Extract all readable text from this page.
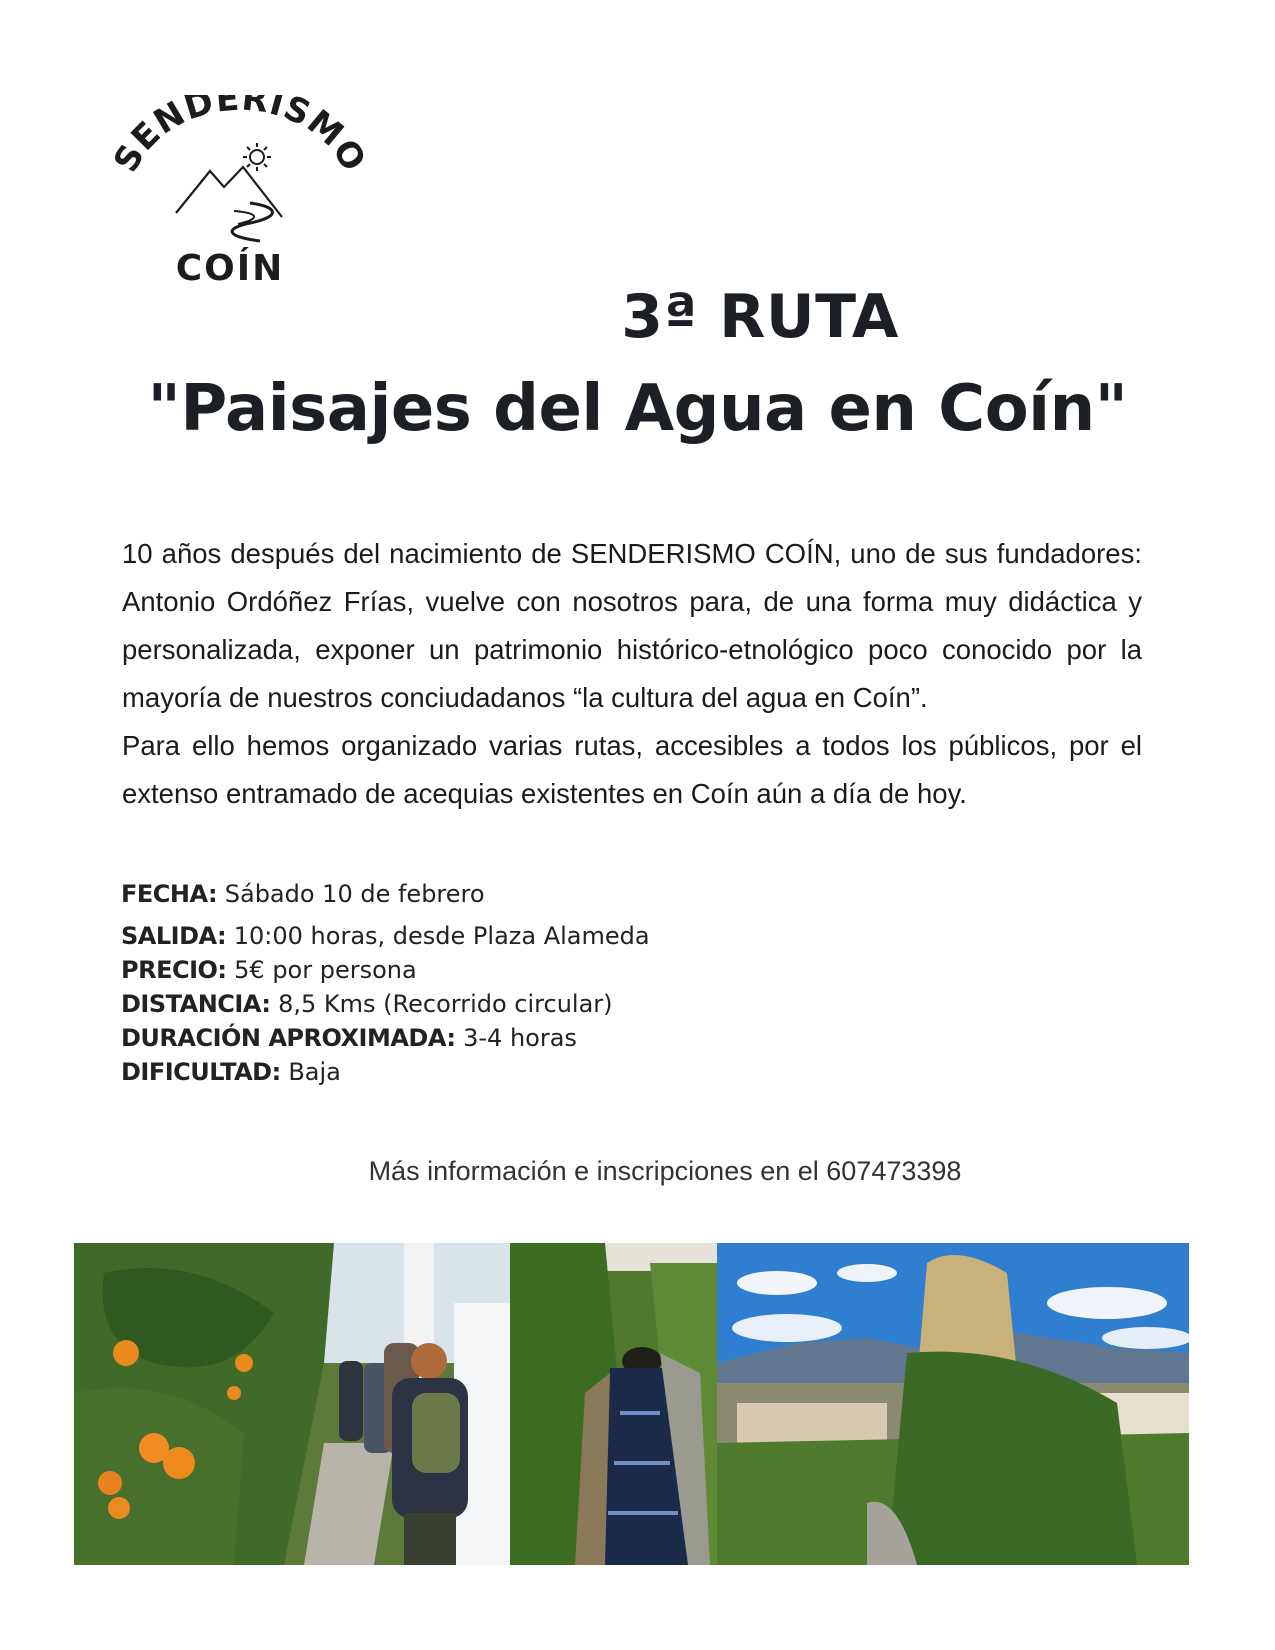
SENDERISMO
COÍN
3ª RUTA
"Paisajes del Agua en Coín"

10 años después del nacimiento de SENDERISMO COÍN, uno de sus fundadores: Antonio Ordóñez Frías, vuelve con nosotros para, de una forma muy didáctica y personalizada, exponer un patrimonio histórico-etnológico poco conocido por la mayoría de nuestros conciudadanos “la cultura del agua en Coín”.

Para ello hemos organizado varias rutas, accesibles a todos los públicos, por el extenso entramado de acequias existentes en Coín aún a día de hoy.

FECHA: Sábado 10 de febrero
SALIDA: 10:00 horas, desde Plaza Alameda
PRECIO: 5€ por persona
DISTANCIA: 8,5 Kms (Recorrido circular)
DURACIÓN APROXIMADA: 3-4 horas
DIFICULTAD: Baja
Más información e inscripciones en el 607473398
